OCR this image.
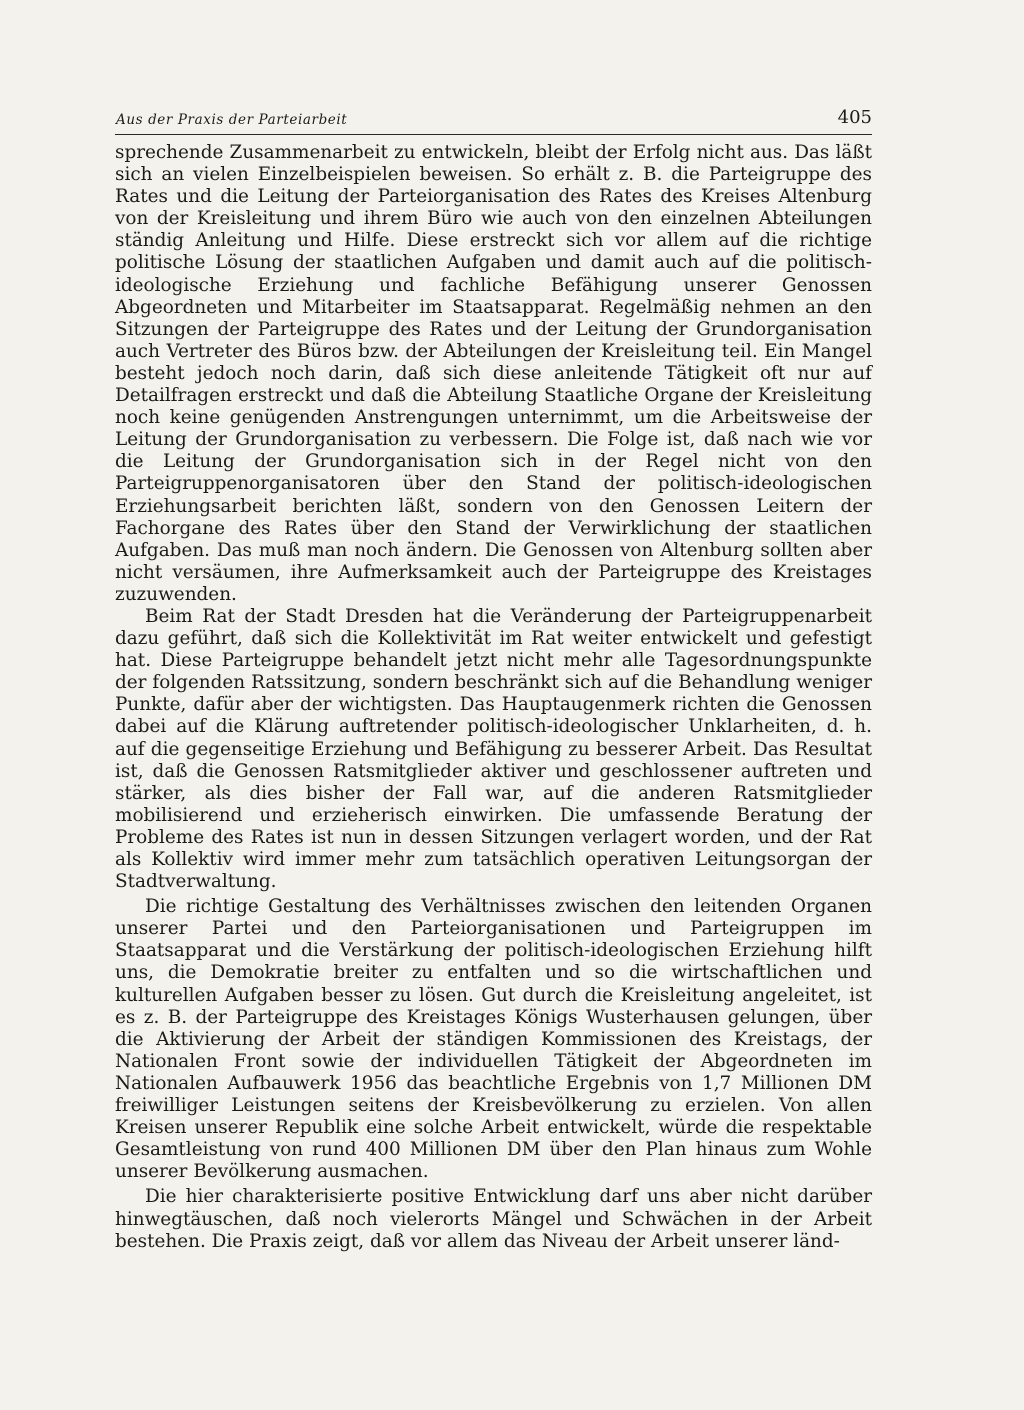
Aus der Praxis der Parteiarbeit	405

sprechende Zusammenarbeit zu entwickeln, bleibt der Erfolg nicht aus. Das läßt sich an vielen Einzelbeispielen beweisen. So erhält z. B. die Parteigruppe des Rates und die Leitung der Parteiorganisation des Rates des Kreises Altenburg von der Kreisleitung und ihrem Büro wie auch von den einzelnen Abteilungen ständig Anleitung und Hilfe. Diese erstreckt sich vor allem auf die richtige politische Lösung der staatlichen Aufgaben und damit auch auf die politisch-ideologische Erziehung und fachliche Befähigung unserer Genossen Abgeordneten und Mitarbeiter im Staatsapparat. Regelmäßig nehmen an den Sitzungen der Parteigruppe des Rates und der Leitung der Grundorganisation auch Vertreter des Büros bzw. der Abteilungen der Kreisleitung teil. Ein Mangel besteht jedoch noch darin, daß sich diese anleitende Tätigkeit oft nur auf Detailfragen erstreckt und daß die Abteilung Staatliche Organe der Kreisleitung noch keine genügenden Anstrengungen unternimmt, um die Arbeitsweise der Leitung der Grundorganisation zu verbessern. Die Folge ist, daß nach wie vor die Leitung der Grundorganisation sich in der Regel nicht von den Parteigruppenorganisatoren über den Stand der politisch-ideologischen Erziehungsarbeit berichten läßt, sondern von den Genossen Leitern der Fachorgane des Rates über den Stand der Verwirklichung der staatlichen Aufgaben. Das muß man noch ändern. Die Genossen von Altenburg sollten aber nicht versäumen, ihre Aufmerksamkeit auch der Parteigruppe des Kreistages zuzuwenden.

Beim Rat der Stadt Dresden hat die Veränderung der Parteigruppenarbeit dazu geführt, daß sich die Kollektivität im Rat weiter entwickelt und gefestigt hat. Diese Parteigruppe behandelt jetzt nicht mehr alle Tagesordnungspunkte der folgenden Ratssitzung, sondern beschränkt sich auf die Behandlung weniger Punkte, dafür aber der wichtigsten. Das Hauptaugenmerk richten die Genossen dabei auf die Klärung auftretender politisch-ideologischer Unklarheiten, d. h. auf die gegenseitige Erziehung und Befähigung zu besserer Arbeit. Das Resultat ist, daß die Genossen Ratsmitglieder aktiver und geschlossener auftreten und stärker, als dies bisher der Fall war, auf die anderen Ratsmitglieder mobilisierend und erzieherisch einwirken. Die umfassende Beratung der Probleme des Rates ist nun in dessen Sitzungen verlagert worden, und der Rat als Kollektiv wird immer mehr zum tatsächlich operativen Leitungsorgan der Stadtverwaltung.

Die richtige Gestaltung des Verhältnisses zwischen den leitenden Organen unserer Partei und den Parteiorganisationen und Parteigruppen im Staatsapparat und die Verstärkung der politisch-ideologischen Erziehung hilft uns, die Demokratie breiter zu entfalten und so die wirtschaftlichen und kulturellen Aufgaben besser zu lösen. Gut durch die Kreisleitung angeleitet, ist es z. B. der Parteigruppe des Kreistages Königs Wusterhausen gelungen, über die Aktivierung der Arbeit der ständigen Kommissionen des Kreistags, der Nationalen Front sowie der individuellen Tätigkeit der Abgeordneten im Nationalen Aufbauwerk 1956 das beachtliche Ergebnis von 1,7 Millionen DM freiwilliger Leistungen seitens der Kreisbevölkerung zu erzielen. Von allen Kreisen unserer Republik eine solche Arbeit entwickelt, würde die respektable Gesamtleistung von rund 400 Millionen DM über den Plan hinaus zum Wohle unserer Bevölkerung ausmachen.

Die hier charakterisierte positive Entwicklung darf uns aber nicht darüber hinwegtäuschen, daß noch vielerorts Mängel und Schwächen in der Arbeit bestehen. Die Praxis zeigt, daß vor allem das Niveau der Arbeit unserer länd-
